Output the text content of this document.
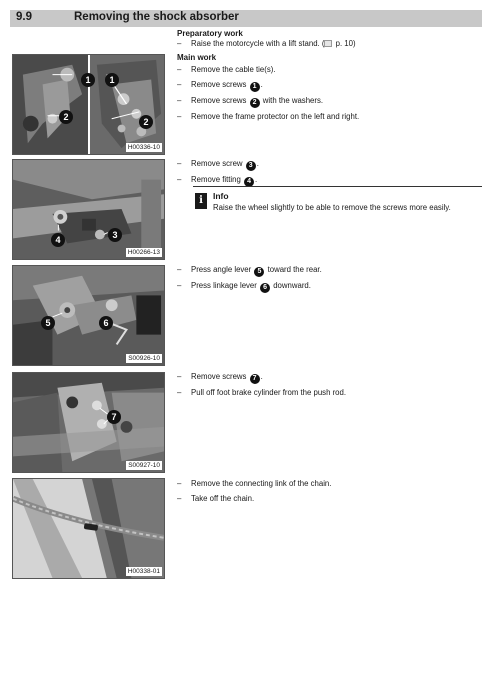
9.9	Removing the shock absorber
1	1
2	2
H00336-10
4	3
H00266-13
5	6
S00926-10
7
S00927-10
H00338-01
Preparatory work
– Raise the motorcycle with a lift stand. ( p. 10)
Main work
– Remove the cable tie(s).
– Remove screws 1 .
– Remove screws 2 with the washers.
– Remove the frame protector on the left and right.
– Remove screw 3 .
– Remove fitting 4 .
i	Info
Raise the wheel slightly to be able to remove the screws more easily.
– Press angle lever 5 toward the rear.
– Press linkage lever 6 downward.
– Remove screws 7 .
– Pull off foot brake cylinder from the push rod.
– Remove the connecting link of the chain.
– Take off the chain.
